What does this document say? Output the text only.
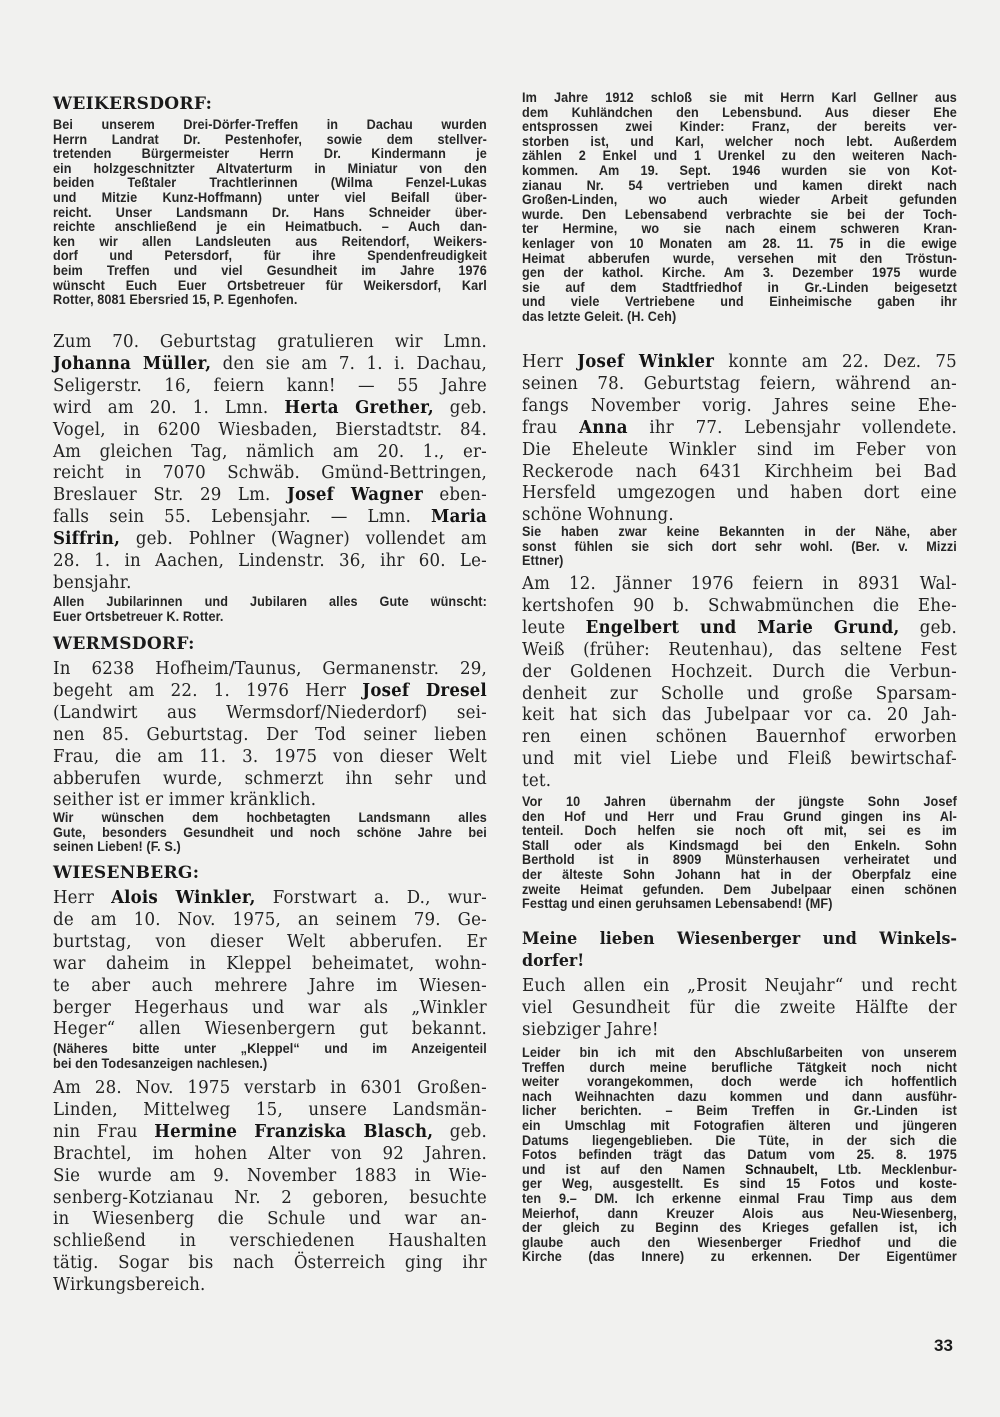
WEIKERSDORF:
Bei unserem Drei-Dörfer-Treffen in Dachau wurden
Herrn Landrat Dr. Pestenhofer, sowie dem stellver-
tretenden Bürgermeister Herrn Dr. Kindermann je
ein holzgeschnitzter Altvaterturm in Miniatur von den
beiden Teßtaler Trachtlerinnen (Wilma Fenzel-Lukas
und Mitzie Kunz-Hoffmann) unter viel Beifall über-
reicht. Unser Landsmann Dr. Hans Schneider über-
reichte anschließend je ein Heimatbuch. – Auch dan-
ken wir allen Landsleuten aus Reitendorf, Weikers-
dorf und Petersdorf, für ihre Spendenfreudigkeit
beim Treffen und viel Gesundheit im Jahre 1976
wünscht Euch Euer Ortsbetreuer für Weikersdorf, Karl
Rotter, 8081 Ebersried 15, P. Egenhofen.
Zum 70. Geburtstag gratulieren wir Lmn.
Johanna Müller, den sie am 7. 1. i. Dachau,
Seligerstr. 16, feiern kann! — 55 Jahre
wird am 20. 1. Lmn. Herta Grether, geb.
Vogel, in 6200 Wiesbaden, Bierstadtstr. 84.
Am gleichen Tag, nämlich am 20. 1., er-
reicht in 7070 Schwäb. Gmünd-Bettringen,
Breslauer Str. 29 Lm. Josef Wagner eben-
falls sein 55. Lebensjahr. — Lmn. Maria
Siffrin, geb. Pohlner (Wagner) vollendet am
28. 1. in Aachen, Lindenstr. 36, ihr 60. Le-
bensjahr.
Allen Jubilarinnen und Jubilaren alles Gute wünscht:
Euer Ortsbetreuer K. Rotter.
WERMSDORF:
In 6238 Hofheim/Taunus, Germanenstr. 29,
begeht am 22. 1. 1976 Herr Josef Dresel
(Landwirt aus Wermsdorf/Niederdorf) sei-
nen 85. Geburtstag. Der Tod seiner lieben
Frau, die am 11. 3. 1975 von dieser Welt
abberufen wurde, schmerzt ihn sehr und
seither ist er immer kränklich.
Wir wünschen dem hochbetagten Landsmann alles
Gute, besonders Gesundheit und noch schöne Jahre bei
seinen Lieben! (F. S.)
WIESENBERG:
Herr Alois Winkler, Forstwart a. D., wur-
de am 10. Nov. 1975, an seinem 79. Ge-
burtstag, von dieser Welt abberufen. Er
war daheim in Kleppel beheimatet, wohn-
te aber auch mehrere Jahre im Wiesen-
berger Hegerhaus und war als „Winkler
Heger“ allen Wiesenbergern gut bekannt.
(Näheres bitte unter „Kleppel“ und im Anzeigenteil
bei den Todesanzeigen nachlesen.)
Am 28. Nov. 1975 verstarb in 6301 Großen-
Linden, Mittelweg 15, unsere Landsmän-
nin Frau Hermine Franziska Blasch, geb.
Brachtel, im hohen Alter von 92 Jahren.
Sie wurde am 9. November 1883 in Wie-
senberg-Kotzianau Nr. 2 geboren, besuchte
in Wiesenberg die Schule und war an-
schließend in verschiedenen Haushalten
tätig. Sogar bis nach Österreich ging ihr
Wirkungsbereich.
Im Jahre 1912 schloß sie mit Herrn Karl Gellner aus
dem Kuhländchen den Lebensbund. Aus dieser Ehe
entsprossen zwei Kinder: Franz, der bereits ver-
storben ist, und Karl, welcher noch lebt. Außerdem
zählen 2 Enkel und 1 Urenkel zu den weiteren Nach-
kommen. Am 19. Sept. 1946 wurden sie von Kot-
zianau Nr. 54 vertrieben und kamen direkt nach
Großen-Linden, wo auch wieder Arbeit gefunden
wurde. Den Lebensabend verbrachte sie bei der Toch-
ter Hermine, wo sie nach einem schweren Kran-
kenlager von 10 Monaten am 28. 11. 75 in die ewige
Heimat abberufen wurde, versehen mit den Tröstun-
gen der kathol. Kirche. Am 3. Dezember 1975 wurde
sie auf dem Stadtfriedhof in Gr.-Linden beigesetzt
und viele Vertriebene und Einheimische gaben ihr
das letzte Geleit. (H. Ceh)
Herr Josef Winkler konnte am 22. Dez. 75
seinen 78. Geburtstag feiern, während an-
fangs November vorig. Jahres seine Ehe-
frau Anna ihr 77. Lebensjahr vollendete.
Die Eheleute Winkler sind im Feber von
Reckerode nach 6431 Kirchheim bei Bad
Hersfeld umgezogen und haben dort eine
schöne Wohnung.
Sie haben zwar keine Bekannten in der Nähe, aber
sonst fühlen sie sich dort sehr wohl. (Ber. v. Mizzi
Ettner)
Am 12. Jänner 1976 feiern in 8931 Wal-
kertshofen 90 b. Schwabmünchen die Ehe-
leute Engelbert und Marie Grund, geb.
Weiß (früher: Reutenhau), das seltene Fest
der Goldenen Hochzeit. Durch die Verbun-
denheit zur Scholle und große Sparsam-
keit hat sich das Jubelpaar vor ca. 20 Jah-
ren einen schönen Bauernhof erworben
und mit viel Liebe und Fleiß bewirtschaf-
tet.
Vor 10 Jahren übernahm der jüngste Sohn Josef
den Hof und Herr und Frau Grund gingen ins Al-
tenteil. Doch helfen sie noch oft mit, sei es im
Stall oder als Kindsmagd bei den Enkeln. Sohn
Berthold ist in 8909 Münsterhausen verheiratet und
der älteste Sohn Johann hat in der Oberpfalz eine
zweite Heimat gefunden. Dem Jubelpaar einen schönen
Festtag und einen geruhsamen Lebensabend! (MF)
Meine lieben Wiesenberger und Winkels-
dorfer!
Euch allen ein „Prosit Neujahr“ und recht
viel Gesundheit für die zweite Hälfte der
siebziger Jahre!
Leider bin ich mit den Abschlußarbeiten von unserem
Treffen durch meine berufliche Tätgkeit noch nicht
weiter vorangekommen, doch werde ich hoffentlich
nach Weihnachten dazu kommen und dann ausführ-
licher berichten. – Beim Treffen in Gr.-Linden ist
ein Umschlag mit Fotografien älteren und jüngeren
Datums liegengeblieben. Die Tüte, in der sich die
Fotos befinden trägt das Datum vom 25. 8. 1975
und ist auf den Namen Schnaubelt, Ltb. Mecklenbur-
ger Weg, ausgestellt. Es sind 15 Fotos und koste-
ten 9.– DM. Ich erkenne einmal Frau Timp aus dem
Meierhof, dann Kreuzer Alois aus Neu-Wiesenberg,
der gleich zu Beginn des Krieges gefallen ist, ich
glaube auch den Wiesenberger Friedhof und die
Kirche (das Innere) zu erkennen. Der Eigentümer
33
